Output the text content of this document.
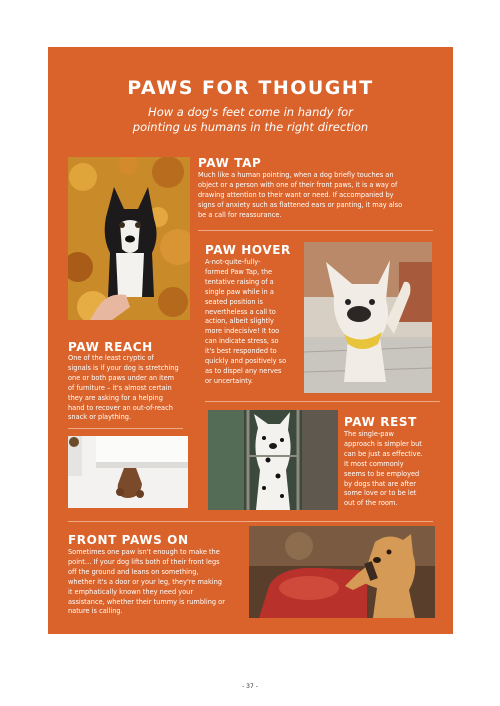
PAWS FOR THOUGHT
How a dog's feet come in handy for
pointing us humans in the right direction
PAW TAP
Much like a human pointing, when a dog briefly touches an
object or a person with one of their front paws, it is a way of
drawing attention to their want or need. If accompanied by
signs of anxiety such as flattened ears or panting, it may also
be a call for reassurance.
PAW HOVER
A-not-quite-fully-
formed Paw Tap, the
tentative raising of a
single paw while in a
seated position is
nevertheless a call to
action, albeit slightly
more indecisive! It too
can indicate stress, so
it's best responded to
quickly and positively so
as to dispel any nerves
or uncertainty.
PAW REACH
One of the least cryptic of
signals is if your dog is stretching
one or both paws under an item
of furniture – it's almost certain
they are asking for a helping
hand to recover an out-of-reach
snack or plaything.	PAW REST
The single-paw
approach is simpler but
can be just as effective.
It most commonly
seems to be employed
by dogs that are after
some love or to be let
out of the room.
FRONT PAWS ON
Sometimes one paw isn't enough to make the
point… If your dog lifts both of their front legs
off the ground and leans on something,
whether it's a door or your leg, they're making
it emphatically known they need your
assistance, whether their tummy is rumbling or
nature is calling.
- 37 -
